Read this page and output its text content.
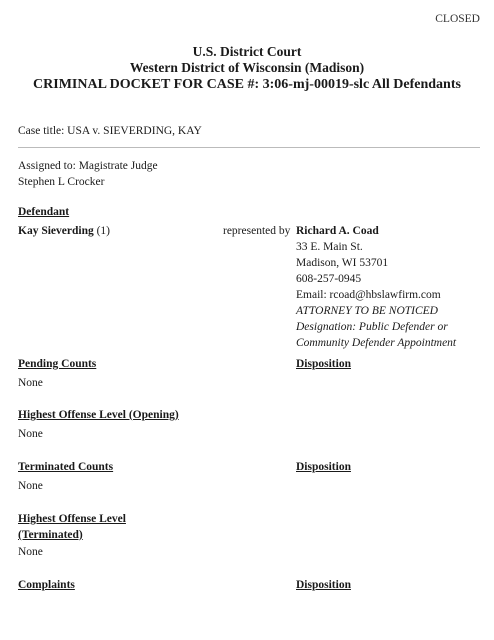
CLOSED
U.S. District Court
Western District of Wisconsin (Madison)
CRIMINAL DOCKET FOR CASE #: 3:06-mj-00019-slc All Defendants
Case title: USA v. SIEVERDING, KAY
Assigned to: Magistrate Judge
Stephen L Crocker
Defendant
Kay Sieverding (1)	represented by Richard A. Coad
33 E. Main St.
Madison, WI 53701
608-257-0945
Email: rcoad@hbslawfirm.com
ATTORNEY TO BE NOTICED
Designation: Public Defender or
Community Defender Appointment
Pending Counts	Disposition
None
Highest Offense Level (Opening)
None
Terminated Counts	Disposition
None
Highest Offense Level
(Terminated)
None
Complaints	Disposition
